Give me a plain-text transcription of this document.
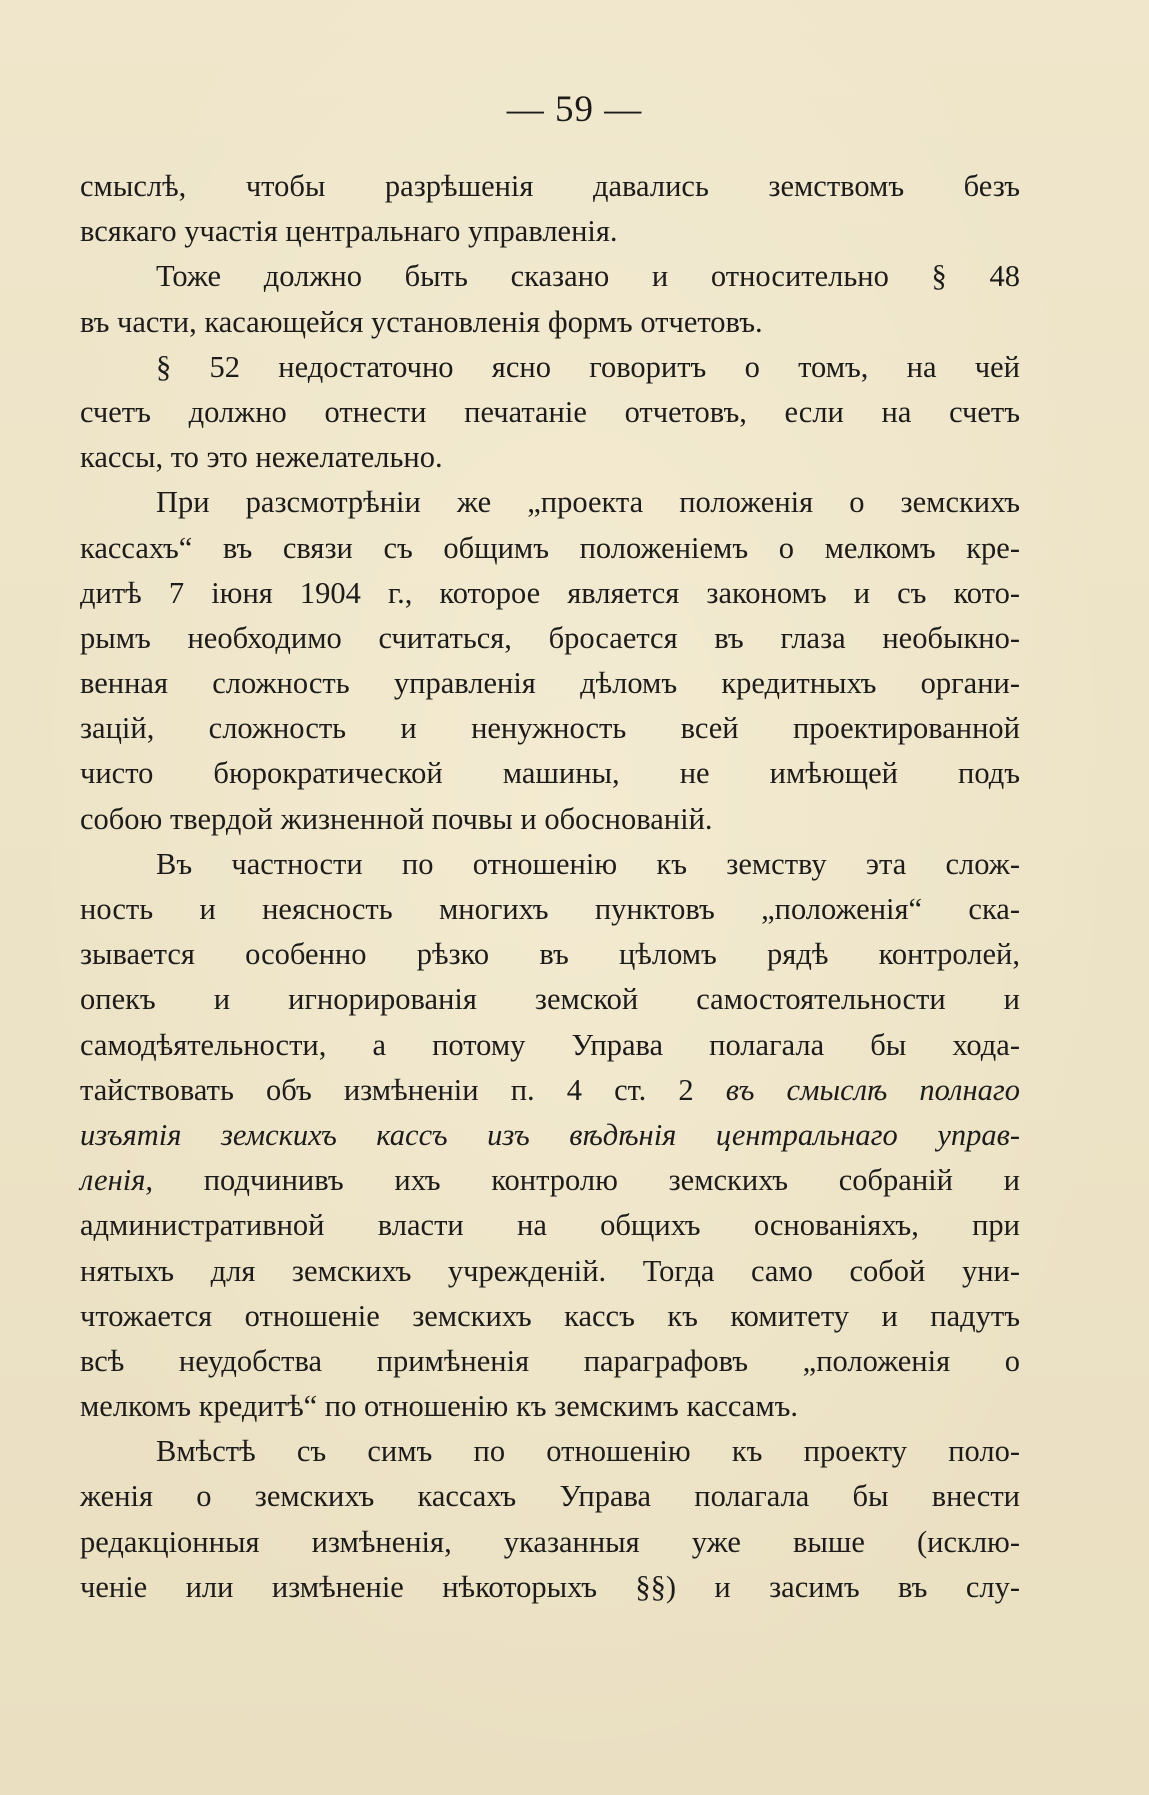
— 59 —
смыслѣ, чтобы разрѣшенія давались земствомъ безъ
всякаго участія центральнаго управленія.
Тоже должно быть сказано и относительно § 48
въ части, касающейся установленія формъ отчетовъ.
§ 52 недостаточно ясно говоритъ о томъ, на чей
счетъ должно отнести печатаніе отчетовъ, если на счетъ
кассы, то это нежелательно.
При разсмотрѣніи же „проекта положенія о земскихъ
кассахъ“ въ связи съ общимъ положеніемъ о мелкомъ кре-
дитѣ 7 іюня 1904 г., которое является закономъ и съ кото-
рымъ необходимо считаться, бросается въ глаза необыкно-
венная сложность управленія дѣломъ кредитныхъ органи-
зацій, сложность и ненужность всей проектированной
чисто бюрократической машины, не имѣющей подъ
собою твердой жизненной почвы и обоснованій.
Въ частности по отношенію къ земству эта слож-
ность и неясность многихъ пунктовъ „положенія“ ска-
зывается особенно рѣзко въ цѣломъ рядѣ контролей,
опекъ и игнорированія земской самостоятельности и
самодѣятельности, а потому Управа полагала бы хода-
тайствовать объ измѣненіи п. 4 ст. 2 въ смыслѣ полнаго
изъятія земскихъ кассъ изъ вѣдѣнія центральнаго управ-
ленія, подчинивъ ихъ контролю земскихъ собраній и
административной власти на общихъ основаніяхъ, при
нятыхъ для земскихъ учрежденій. Тогда само собой уни-
чтожается отношеніе земскихъ кассъ къ комитету и падутъ
всѣ неудобства примѣненія параграфовъ „положенія о
мелкомъ кредитѣ“ по отношенію къ земскимъ кассамъ.
Вмѣстѣ съ симъ по отношенію къ проекту поло-
женія о земскихъ кассахъ Управа полагала бы внести
редакціонныя измѣненія, указанныя уже выше (исклю-
ченіе или измѣненіе нѣкоторыхъ §§) и засимъ въ слу-
